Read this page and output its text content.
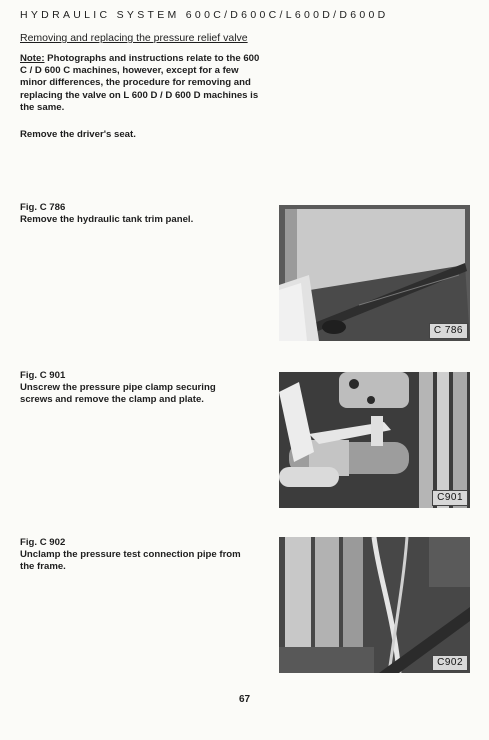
HYDRAULIC SYSTEM 600C/D600C/L600D/D600D
Removing and replacing the pressure relief valve
Note: Photographs and instructions relate to the 600 C / D 600 C machines, however, except for a few minor differences, the procedure for removing and replacing the valve on L 600 D / D 600 D machines is the same.
Remove the driver's seat.
Fig. C 786
Remove the hydraulic tank trim panel.
C 786
Fig. C 901
Unscrew the pressure pipe clamp securing screws and remove the clamp and plate.
C901
Fig. C 902
Unclamp the pressure test connection pipe from the frame.
C902
67
